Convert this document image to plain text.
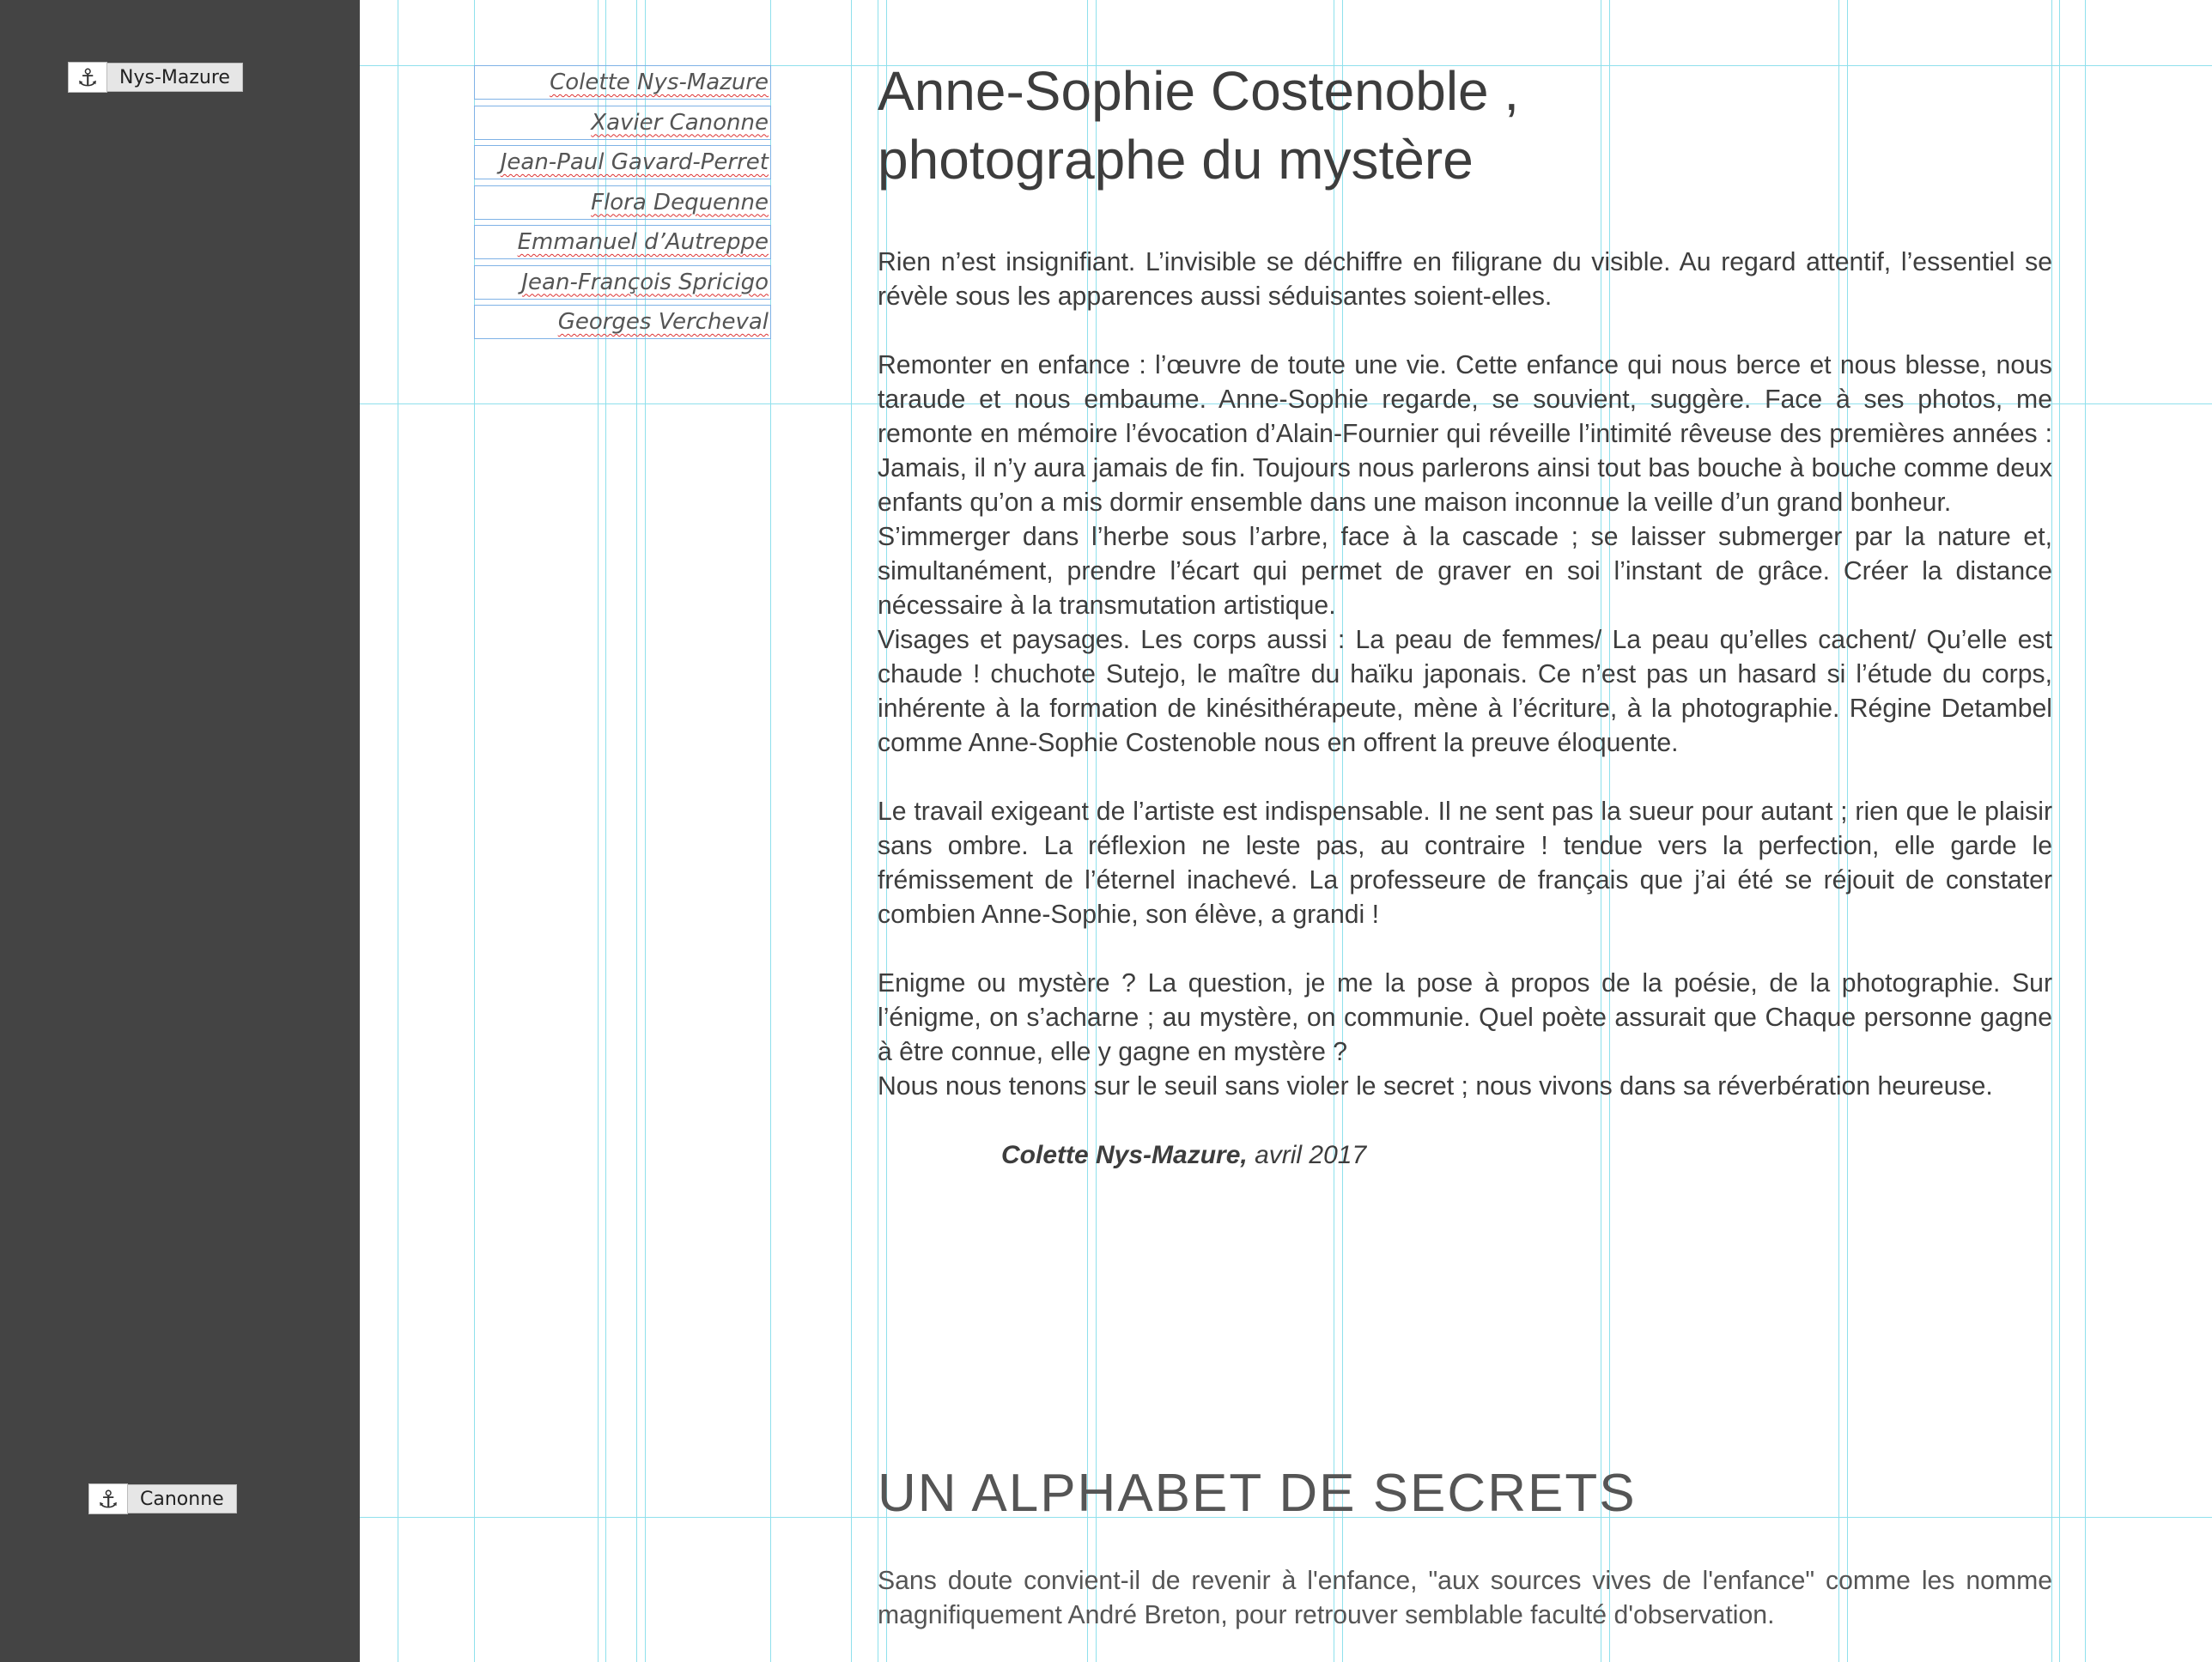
⚓	Nys-Mazure
⚓	Canonne
Colette Nys-Mazure
Xavier Canonne
Jean-Paul Gavard-Perret
Flora Dequenne
Emmanuel d’Autreppe
Jean-François Spricigo
Georges Vercheval
Anne-Sophie Costenoble ,
photographe du mystère

Rien n’est insignifiant. L’invisible se déchiffre en filigrane du visible. Au regard attentif, l’essentiel se révèle sous les apparences aussi séduisantes soient-elles.

Remonter en enfance : l’œuvre de toute une vie. Cette enfance qui nous berce et nous blesse, nous taraude et nous embaume. Anne-Sophie regarde, se souvient, suggère. Face à ses photos, me remonte en mémoire l’évocation d’Alain-Fournier qui réveille l’intimité rêveuse des premières années : Jamais, il n’y aura jamais de fin. Toujours nous parlerons ainsi tout bas bouche à bouche comme deux enfants qu’on a mis dormir ensemble dans une maison inconnue la veille d’un grand bonheur.

S’immerger dans l’herbe sous l’arbre, face à la cascade ; se laisser submerger par la nature et, simultanément, prendre l’écart qui permet de graver en soi l’instant de grâce. Créer la distance nécessaire à la transmutation artistique.

Visages et paysages. Les corps aussi : La peau de femmes/ La peau qu’elles cachent/ Qu’elle est chaude ! chuchote Sutejo, le maître du haïku japonais. Ce n’est pas un hasard si l’étude du corps, inhérente à la formation de kinésithérapeute, mène à l’écriture, à la photographie. Régine Detambel comme Anne-Sophie Costenoble nous en offrent la preuve éloquente.

Le travail exigeant de l’artiste est indispensable. Il ne sent pas la sueur pour autant ; rien que le plaisir sans ombre. La réflexion ne leste pas, au contraire ! tendue vers la perfection, elle garde le frémissement de l’éternel inachevé. La professeure de français que j’ai été se réjouit de constater combien Anne-Sophie, son élève, a grandi !

Enigme ou mystère ? La question, je me la pose à propos de la poésie, de la photographie. Sur l’énigme, on s’acharne ; au mystère, on communie. Quel poète assurait que Chaque personne gagne à être connue, elle y gagne en mystère ?

Nous nous tenons sur le seuil sans violer le secret ; nous vivons dans sa réverbération heureuse.

Colette Nys-Mazure, avril 2017

UN ALPHABET DE SECRETS

Sans doute convient-il de revenir à l'enfance, "aux sources vives de l'enfance" comme les nomme magnifiquement André Breton, pour retrouver semblable faculté d'observation.
